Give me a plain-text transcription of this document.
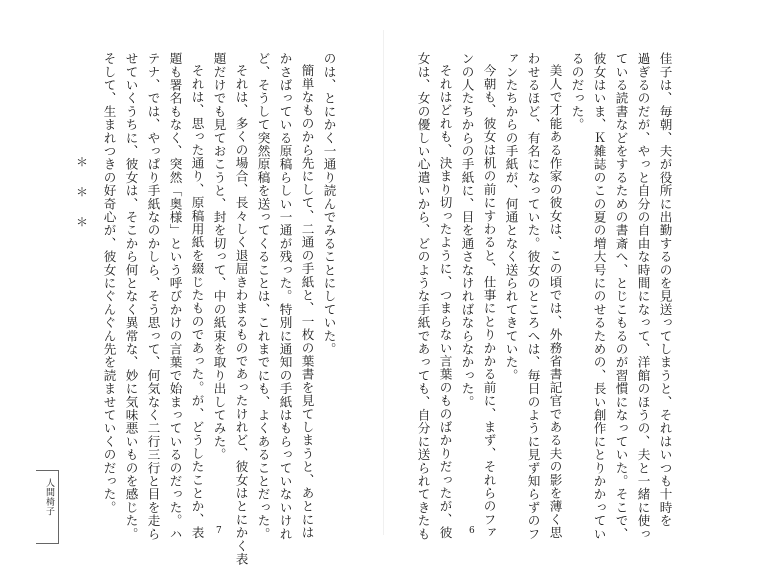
のは、とにかく一通り読んでみることにしていた。
簡単なものから先にして、二通の手紙と、一枚の葉書を見てしまうと、あとには
かさばっている原稿らしい一通が残った。特別に通知の手紙はもらっていないけれ
ど、そうして突然原稿を送ってくることは、これまでにも、よくあることだった。
それは、多くの場合、長々しく退屈きわまるものであったけれど、彼女はとにかく表
題だけでも見ておこうと、封を切って、中の紙束を取り出してみた。
それは、思った通り、原稿用紙を綴じたものであった。が、どうしたことか、表
題も署名もなく、突然「奥様」という呼びかけの言葉で始まっているのだった。ハ
テナ、では、やっぱり手紙なのかしら、そう思って、何気なく二行三行と目を走ら
せていくうちに、彼女は、そこから何となく異常な、妙に気味悪いものを感じた。
そして、生まれつきの好奇心が、彼女にぐんぐん先を読ませていくのだった。
＊
＊
＊
人間椅子
7
佳子は、毎朝、夫が役所に出勤するのを見送ってしまうと、それはいつも十時を
過ぎるのだが、やっと自分の自由な時間になって、洋館のほうの、夫と一緒に使っ
ている読書などをするための書斎へ、とじこもるのが習慣になっていた。そこで、
彼女はいま、Ｋ雑誌のこの夏の増大号にのせるための、長い創作にとりかかってい
るのだった。
美人で才能ある作家の彼女は、この頃では、外務省書記官である夫の影を薄く思
わせるほど、有名になっていた。彼女のところへは、毎日のように見ず知らずのフ
ァンたちからの手紙が、何通となく送られてきていた。
今朝も、彼女は机の前にすわると、仕事にとりかかる前に、まず、それらのファ
ンの人たちからの手紙に、目を通さなければならなかった。
それはどれも、決まり切ったように、つまらない言葉のものばかりだったが、彼
女は、女の優しい心遣いから、どのような手紙であっても、自分に送られてきたも	6
